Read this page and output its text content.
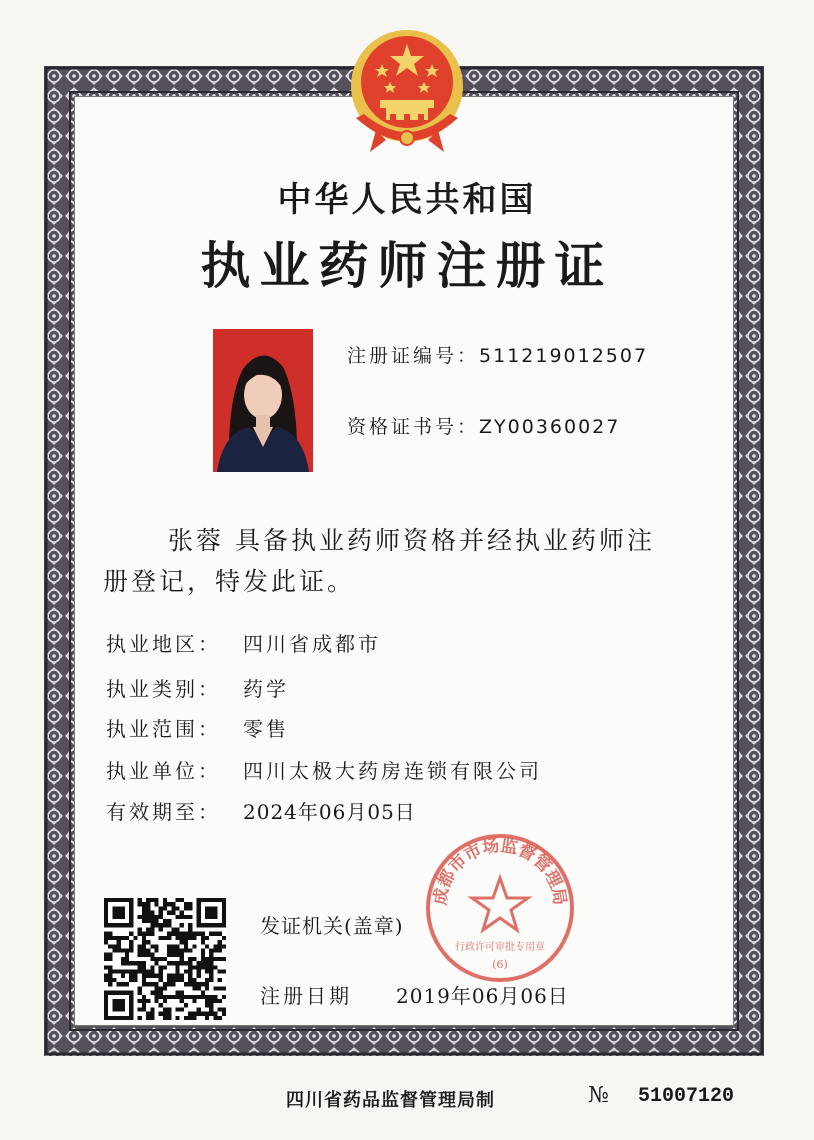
中华人民共和国
执业药师注册证
注册证编号：511219012507
资格证书号：ZY00360027
张蓉 具备执业药师资格并经执业药师注
册登记，特发此证。
执业地区： 四川省成都市
执业类别： 药学
执业范围： 零售
执业单位： 四川太极大药房连锁有限公司
有效期至： 2024年06月05日
成都市市场监督管理局
行政许可审批专用章
(6)
发证机关(盖章)
注册日期 2019年06月06日
四川省药品监督管理局制	№ 51007120
